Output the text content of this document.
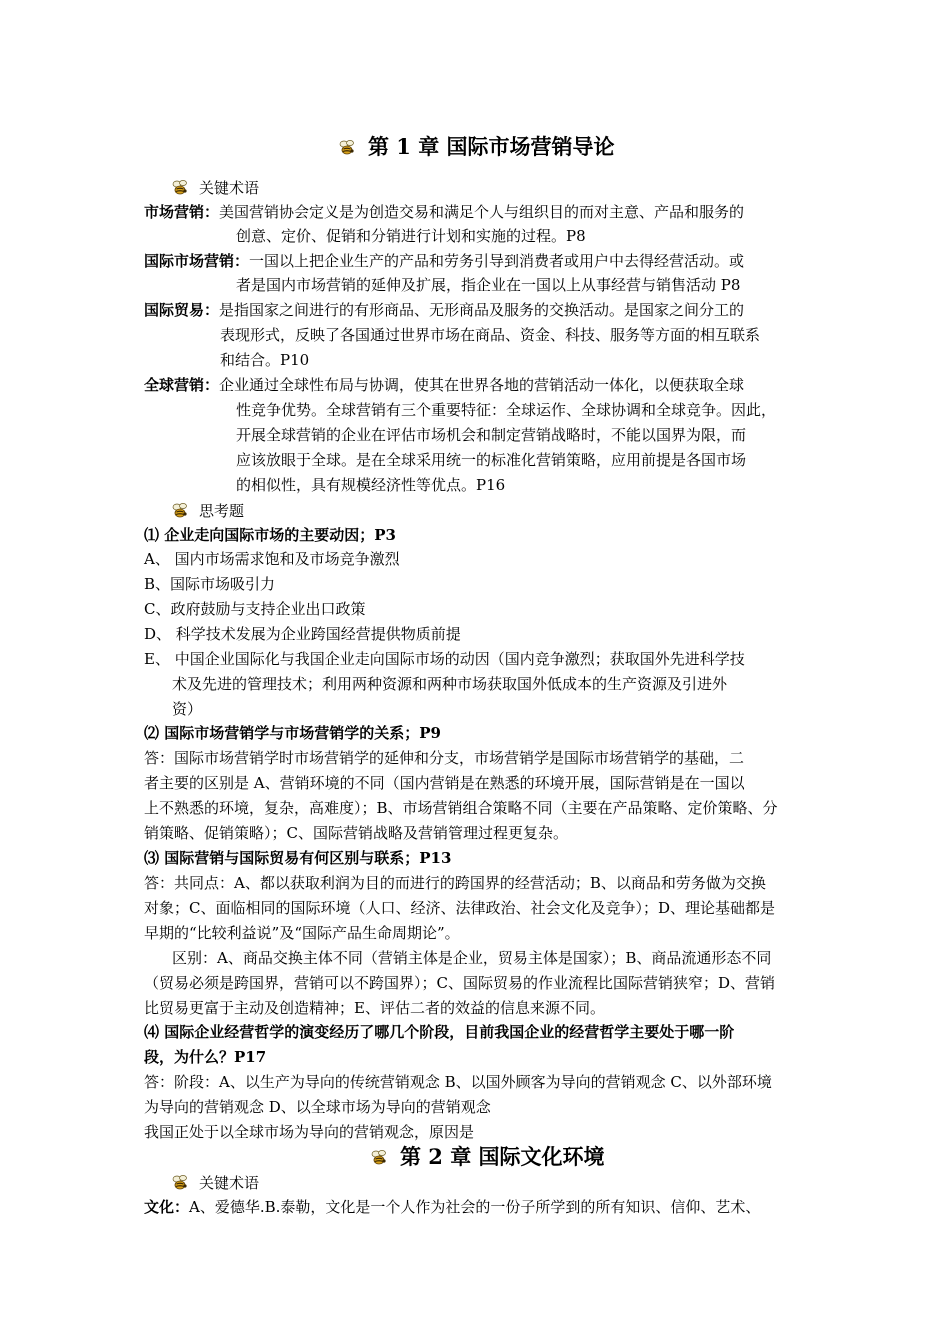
第 1 章 国际市场营销导论
关键术语
市场营销：美国营销协会定义是为创造交易和满足个人与组织目的而对主意、产品和服务的
创意、定价、促销和分销进行计划和实施的过程。P8
国际市场营销：一国以上把企业生产的产品和劳务引导到消费者或用户中去得经营活动。或
者是国内市场营销的延伸及扩展，指企业在一国以上从事经营与销售活动 P8
国际贸易：是指国家之间进行的有形商品、无形商品及服务的交换活动。是国家之间分工的
表现形式，反映了各国通过世界市场在商品、资金、科技、服务等方面的相互联系
和结合。P10
全球营销：企业通过全球性布局与协调，使其在世界各地的营销活动一体化，以便获取全球
性竞争优势。全球营销有三个重要特征：全球运作、全球协调和全球竞争。因此，
开展全球营销的企业在评估市场机会和制定营销战略时，不能以国界为限，而
应该放眼于全球。是在全球采用统一的标准化营销策略，应用前提是各国市场
的相似性，具有规模经济性等优点。P16
思考题
⑴ 企业走向国际市场的主要动因；P3
A、 国内市场需求饱和及市场竞争激烈
B、国际市场吸引力
C、政府鼓励与支持企业出口政策
D、 科学技术发展为企业跨国经营提供物质前提
E、 中国企业国际化与我国企业走向国际市场的动因（国内竞争激烈；获取国外先进科学技
术及先进的管理技术；利用两种资源和两种市场获取国外低成本的生产资源及引进外
资）
⑵ 国际市场营销学与市场营销学的关系；P9
答：国际市场营销学时市场营销学的延伸和分支，市场营销学是国际市场营销学的基础，二
者主要的区别是 A、营销环境的不同（国内营销是在熟悉的环境开展，国际营销是在一国以
上不熟悉的环境，复杂，高难度）；B、市场营销组合策略不同（主要在产品策略、定价策略、分
销策略、促销策略）；C、国际营销战略及营销管理过程更复杂。
⑶ 国际营销与国际贸易有何区别与联系；P13
答：共同点：A、都以获取利润为目的而进行的跨国界的经营活动；B、以商品和劳务做为交换
对象；C、面临相同的国际环境（人口、经济、法律政治、社会文化及竞争）；D、理论基础都是
早期的“比较利益说”及“国际产品生命周期论”。
区别：A、商品交换主体不同（营销主体是企业，贸易主体是国家）；B、商品流通形态不同
（贸易必须是跨国界，营销可以不跨国界）；C、国际贸易的作业流程比国际营销狭窄；D、营销
比贸易更富于主动及创造精神；E、评估二者的效益的信息来源不同。
⑷ 国际企业经营哲学的演变经历了哪几个阶段，目前我国企业的经营哲学主要处于哪一阶
段，为什么？P17
答：阶段：A、以生产为导向的传统营销观念 B、以国外顾客为导向的营销观念 C、以外部环境
为导向的营销观念 D、以全球市场为导向的营销观念
我国正处于以全球市场为导向的营销观念，原因是
第 2 章 国际文化环境
关键术语
文化：A、爱德华.B.泰勒，文化是一个人作为社会的一份子所学到的所有知识、信仰、艺术、
